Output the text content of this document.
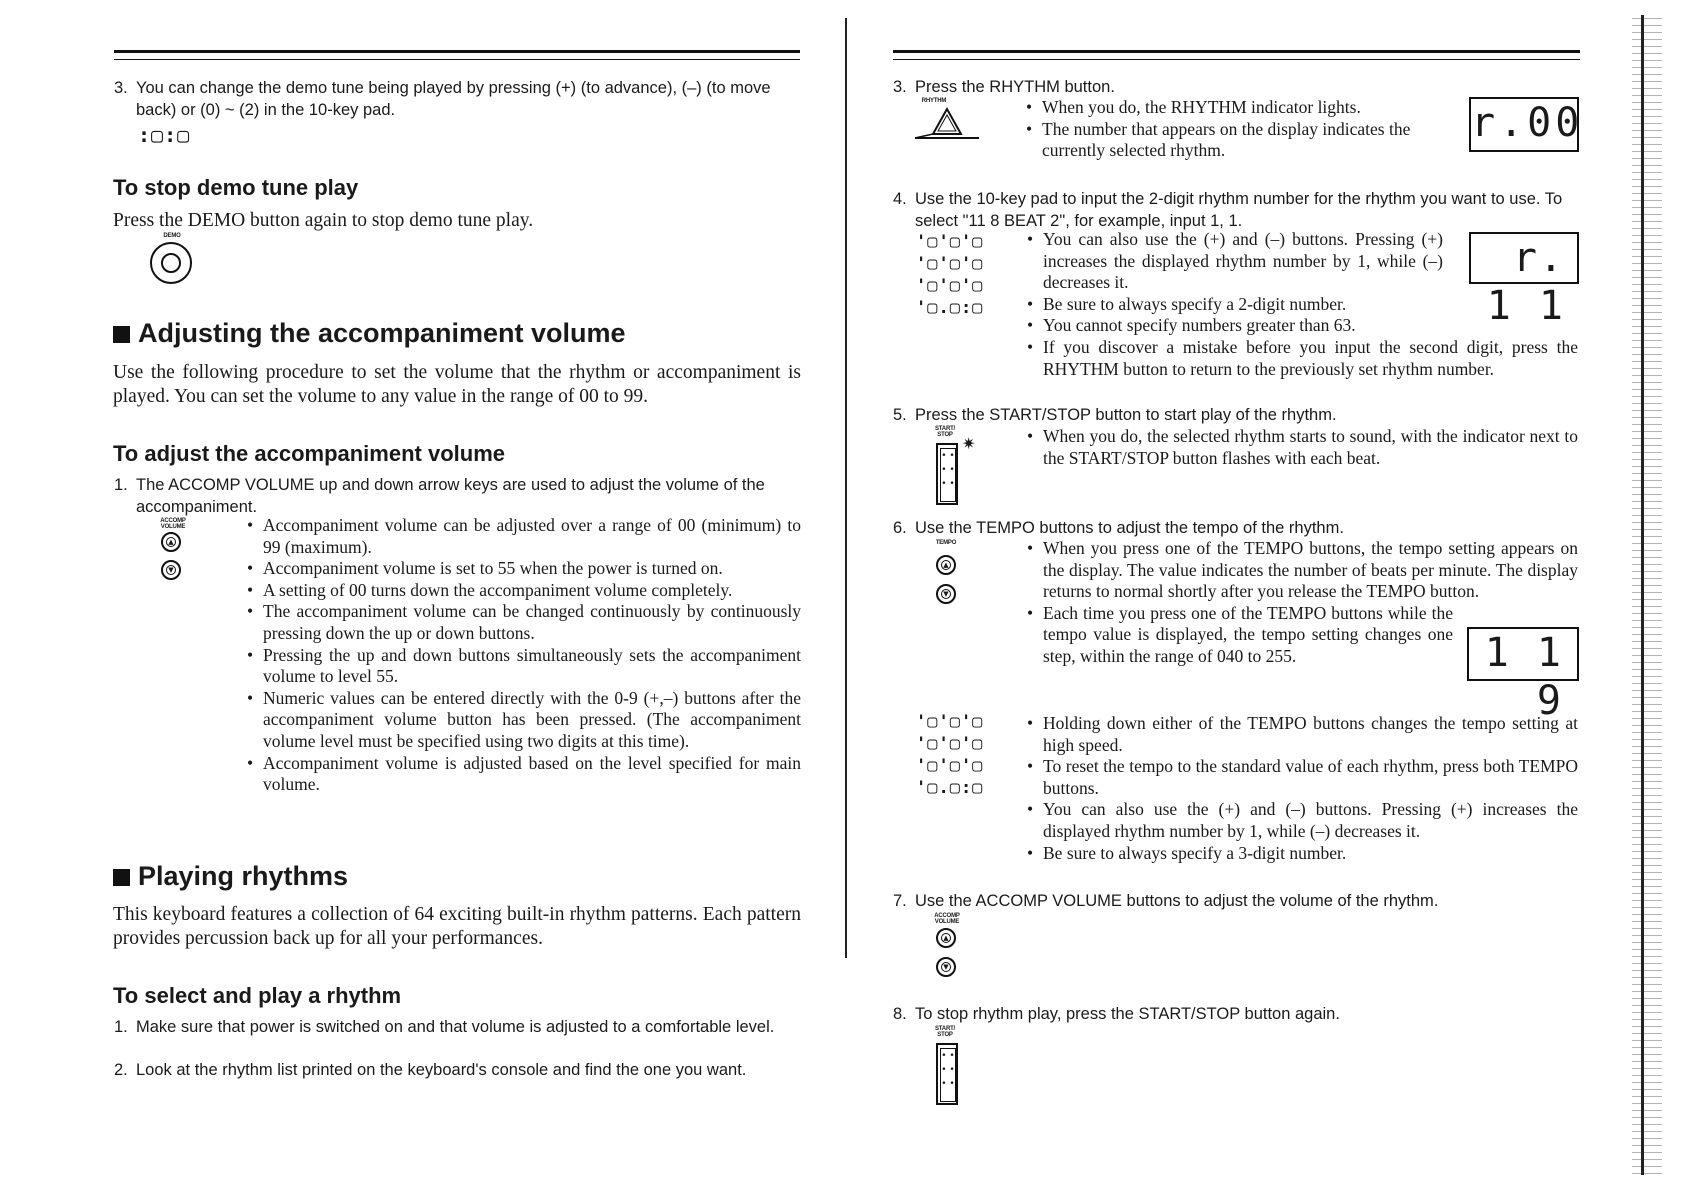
3. You can change the demo tune being played by pressing (+) (to advance), (–) (to move back) or (0) ~ (2) in the 10-key pad.
:▢:▢
To stop demo tune play
Press the DEMO button again to stop demo tune play.
DEMO
Adjusting the accompaniment volume
Use the following procedure to set the volume that the rhythm or accompaniment is played. You can set the volume to any value in the range of 00 to 99.
To adjust the accompaniment volume
1. The ACCOMP VOLUME up and down arrow keys are used to adjust the volume of the accompaniment.
ACCOMP VOLUME
▲
▼
• Accompaniment volume can be adjusted over a range of 00 (minimum) to 99 (maximum).
• Accompaniment volume is set to 55 when the power is turned on.
• A setting of 00 turns down the accompaniment volume completely.
• The accompaniment volume can be changed continuously by continuously pressing down the up or down buttons.
• Pressing the up and down buttons simultaneously sets the accompaniment volume to level 55.
• Numeric values can be entered directly with the 0-9 (+,–) buttons after the accompaniment volume button has been pressed. (The accompaniment volume level must be specified using two digits at this time).
• Accompaniment volume is adjusted based on the level specified for main volume.
Playing rhythms
This keyboard features a collection of 64 exciting built-in rhythm patterns. Each pattern provides percussion back up for all your performances.
To select and play a rhythm
1. Make sure that power is switched on and that volume is adjusted to a comfortable level.
2. Look at the rhythm list printed on the keyboard's console and find the one you want.
3. Press the RHYTHM button.
RHYTHM	• When you do, the RHYTHM indicator lights.
• The number that appears on the display indicates the currently selected rhythm.
r.00
4. Use the 10-key pad to input the 2-digit rhythm number for the rhythm you want to use. To select "11 8 BEAT 2", for example, input 1, 1.
'▢'▢'▢
'▢'▢'▢
'▢'▢'▢
'▢.▢:▢
• You can also use the (+) and (–) buttons. Pressing (+) increases the displayed rhythm number by 1, while (–) decreases it.
• Be sure to always specify a 2-digit number.
• You cannot specify numbers greater than 63.
• If you discover a mistake before you input the second digit, press the RHYTHM button to return to the previously set rhythm number.
r. 1 1
5. Press the START/STOP button to start play of the rhythm.
START/ STOP
• •
• •
• •
✷	• When you do, the selected rhythm starts to sound, with the indicator next to the START/STOP button flashes with each beat.
6. Use the TEMPO buttons to adjust the tempo of the rhythm.
TEMPO
▲
▼
• When you press one of the TEMPO buttons, the tempo setting appears on the display. The value indicates the number of beats per minute. The display returns to normal shortly after you release the TEMPO button.
• Each time you press one of the TEMPO buttons while the tempo value is displayed, the tempo setting changes one step, within the range of 040 to 255.	1 1 9
'▢'▢'▢
'▢'▢'▢
'▢'▢'▢
'▢.▢:▢
• Holding down either of the TEMPO buttons changes the tempo setting at high speed.
• To reset the tempo to the standard value of each rhythm, press both TEMPO buttons.
• You can also use the (+) and (–) buttons. Pressing (+) increases the displayed rhythm number by 1, while (–) decreases it.
• Be sure to always specify a 3-digit number.
7. Use the ACCOMP VOLUME buttons to adjust the volume of the rhythm.
ACCOMP VOLUME
▲
▼
8. To stop rhythm play, press the START/STOP button again.
START/ STOP
• •
• •
• •
